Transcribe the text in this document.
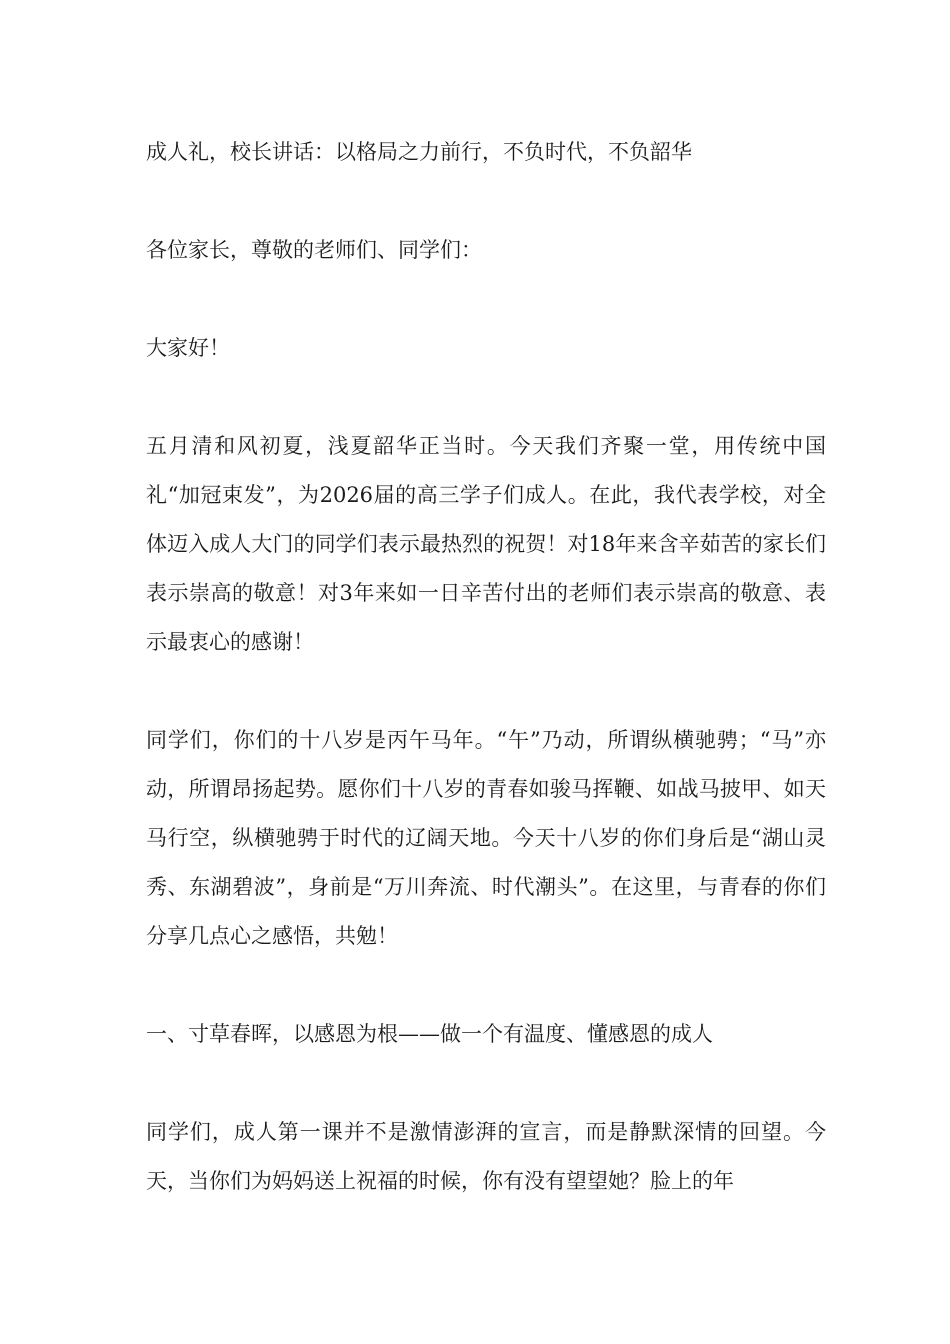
成人礼，校长讲话：以格局之力前行，不负时代，不负韶华

各位家长，尊敬的老师们、同学们：

大家好！

五月清和风初夏，浅夏韶华正当时。今天我们齐聚一堂，用传统中国礼“加冠束发”，为2026届的高三学子们成人。在此，我代表学校，对全体迈入成人大门的同学们表示最热烈的祝贺！对18年来含辛茹苦的家长们表示崇高的敬意！对3年来如一日辛苦付出的老师们表示崇高的敬意、表示最衷心的感谢！

同学们，你们的十八岁是丙午马年。“午”乃动，所谓纵横驰骋；“马”亦动，所谓昂扬起势。愿你们十八岁的青春如骏马挥鞭、如战马披甲、如天马行空，纵横驰骋于时代的辽阔天地。今天十八岁的你们身后是“湖山灵秀、东湖碧波”，身前是“万川奔流、时代潮头”。在这里，与青春的你们分享几点心之感悟，共勉！

一、寸草春晖，以感恩为根——做一个有温度、懂感恩的成人

同学们，成人第一课并不是激情澎湃的宣言，而是静默深情的回望。今天，当你们为妈妈送上祝福的时候，你有没有望望她？脸上的年
